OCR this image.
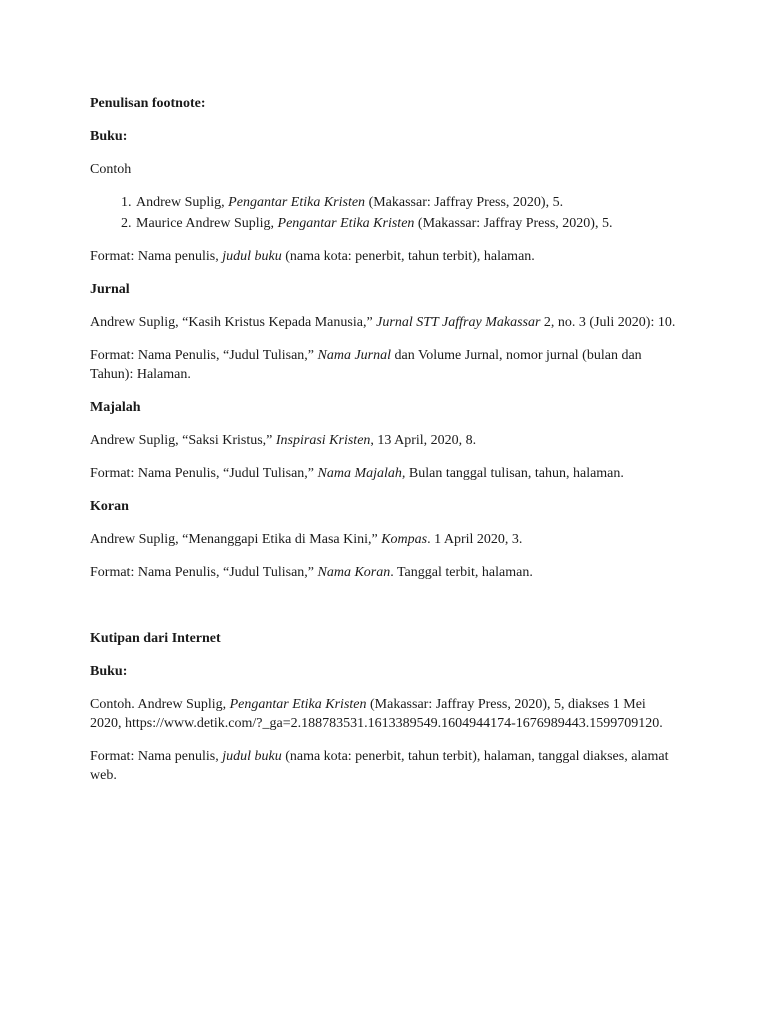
Penulisan footnote:
Buku:
Contoh
1. Andrew Suplig, Pengantar Etika Kristen (Makassar: Jaffray Press, 2020), 5.
2. Maurice Andrew Suplig, Pengantar Etika Kristen (Makassar: Jaffray Press, 2020), 5.
Format: Nama penulis, judul buku (nama kota: penerbit, tahun terbit), halaman.
Jurnal
Andrew Suplig, “Kasih Kristus Kepada Manusia,” Jurnal STT Jaffray Makassar 2, no. 3 (Juli 2020): 10.
Format: Nama Penulis, “Judul Tulisan,” Nama Jurnal dan Volume Jurnal, nomor jurnal (bulan dan Tahun): Halaman.
Majalah
Andrew Suplig, “Saksi Kristus,” Inspirasi Kristen, 13 April, 2020, 8.
Format: Nama Penulis, “Judul Tulisan,” Nama Majalah, Bulan tanggal tulisan, tahun, halaman.
Koran
Andrew Suplig, “Menanggapi Etika di Masa Kini,” Kompas. 1 April 2020, 3.
Format: Nama Penulis, “Judul Tulisan,” Nama Koran. Tanggal terbit, halaman.
Kutipan dari Internet
Buku:
Contoh. Andrew Suplig, Pengantar Etika Kristen (Makassar: Jaffray Press, 2020), 5, diakses 1 Mei 2020, https://www.detik.com/?_ga=2.188783531.1613389549.1604944174-1676989443.1599709120.
Format: Nama penulis, judul buku (nama kota: penerbit, tahun terbit), halaman, tanggal diakses, alamat web.
